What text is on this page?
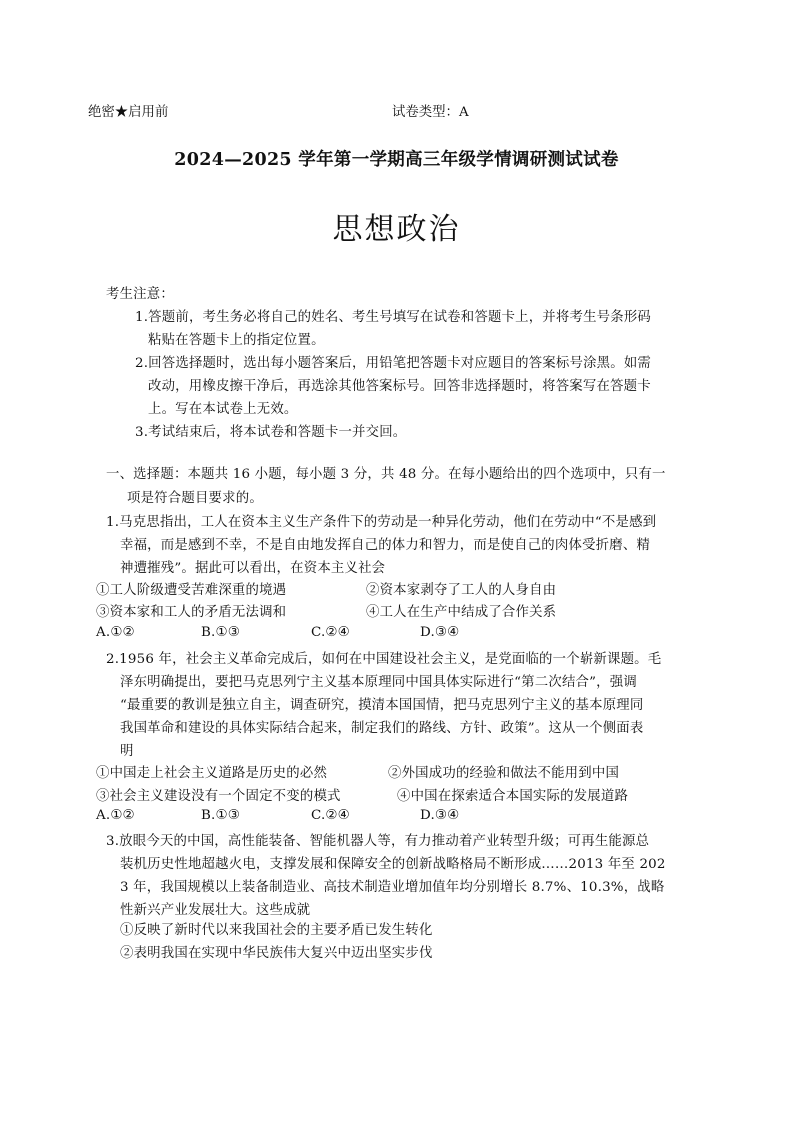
绝密★启用前	试卷类型：A
2024—2025 学年第一学期高三年级学情调研测试试卷
思想政治
考生注意：
1.答题前，考生务必将自己的姓名、考生号填写在试卷和答题卡上，并将考生号条形码
粘贴在答题卡上的指定位置。
2.回答选择题时，选出每小题答案后，用铅笔把答题卡对应题目的答案标号涂黑。如需
改动，用橡皮擦干净后，再选涂其他答案标号。回答非选择题时，将答案写在答题卡
上。写在本试卷上无效。
3.考试结束后，将本试卷和答题卡一并交回。
一、选择题：本题共 16 小题，每小题 3 分，共 48 分。在每小题给出的四个选项中，只有一
项是符合题目要求的。
1.马克思指出，工人在资本主义生产条件下的劳动是一种异化劳动，他们在劳动中“不是感到
幸福，而是感到不幸，不是自由地发挥自己的体力和智力，而是使自己的肉体受折磨、精
神遭摧残”。据此可以看出，在资本主义社会
①工人阶级遭受苦难深重的境遇	②资本家剥夺了工人的人身自由
③资本家和工人的矛盾无法调和	④工人在生产中结成了合作关系
A.①②	B.①③	C.②④	D.③④
2.1956 年，社会主义革命完成后，如何在中国建设社会主义，是党面临的一个崭新课题。毛
泽东明确提出，要把马克思列宁主义基本原理同中国具体实际进行“第二次结合”，强调
“最重要的教训是独立自主，调查研究，摸清本国国情，把马克思列宁主义的基本原理同
我国革命和建设的具体实际结合起来，制定我们的路线、方针、政策”。这从一个侧面表
明
①中国走上社会主义道路是历史的必然	②外国成功的经验和做法不能用到中国
③社会主义建设没有一个固定不变的模式	④中国在探索适合本国实际的发展道路
A.①②	B.①③	C.②④	D.③④
3.放眼今天的中国，高性能装备、智能机器人等，有力推动着产业转型升级；可再生能源总
装机历史性地超越火电，支撑发展和保障安全的创新战略格局不断形成……2013 年至 202
3 年，我国规模以上装备制造业、高技术制造业增加值年均分别增长 8.7%、10.3%，战略
性新兴产业发展壮大。这些成就
①反映了新时代以来我国社会的主要矛盾已发生转化
②表明我国在实现中华民族伟大复兴中迈出坚实步伐
